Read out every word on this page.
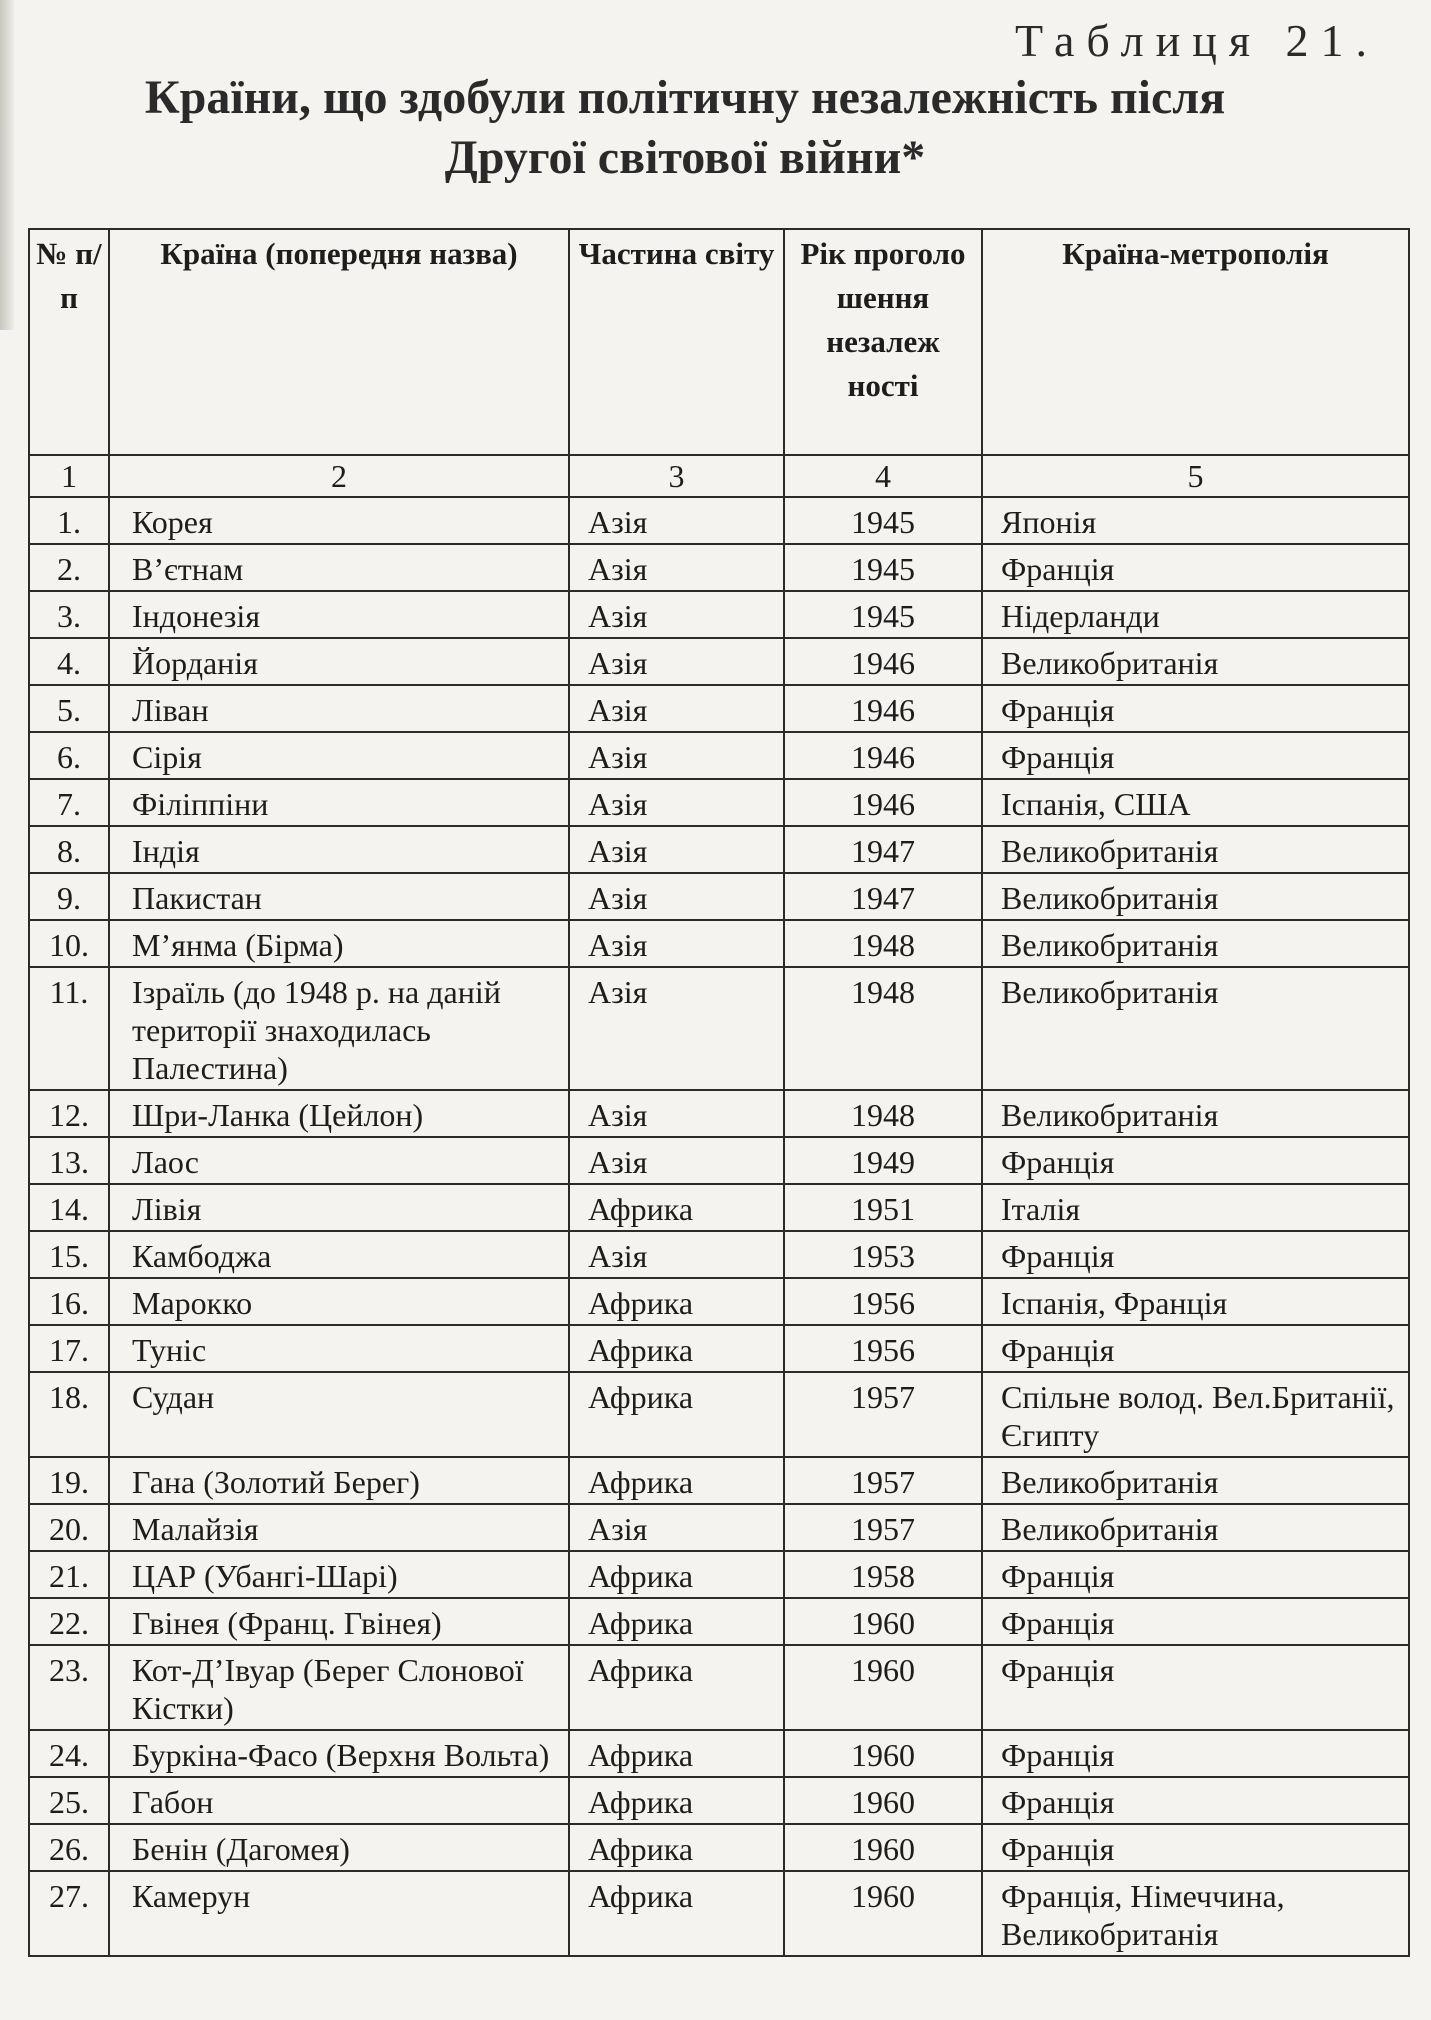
Таблиця 21.
Країни, що здобули політичну незалежність після
Другої світової війни*
№ п/п	Країна (попередня назва)	Частина світу	Рік проголо шення незалеж ності	Країна-метрополія
1	2	3	4	5
1.	Корея	Азія	1945	Японія
2.	В’єтнам	Азія	1945	Франція
3.	Індонезія	Азія	1945	Нідерланди
4.	Йорданія	Азія	1946	Великобританія
5.	Ліван	Азія	1946	Франція
6.	Сірія	Азія	1946	Франція
7.	Філіппіни	Азія	1946	Іспанія, США
8.	Індія	Азія	1947	Великобританія
9.	Пакистан	Азія	1947	Великобританія
10.	М’янма (Бірма)	Азія	1948	Великобританія
11.	Ізраїль (до 1948 р. на даній території знаходилась Палестина)	Азія	1948	Великобританія
12.	Шри-Ланка (Цейлон)	Азія	1948	Великобританія
13.	Лаос	Азія	1949	Франція
14.	Лівія	Африка	1951	Італія
15.	Камбоджа	Азія	1953	Франція
16.	Марокко	Африка	1956	Іспанія, Франція
17.	Туніс	Африка	1956	Франція
18.	Судан	Африка	1957	Спільне волод. Вел.Британії, Єгипту
19.	Гана (Золотий Берег)	Африка	1957	Великобританія
20.	Малайзія	Азія	1957	Великобританія
21.	ЦАР (Убангі-Шарі)	Африка	1958	Франція
22.	Гвінея (Франц. Гвінея)	Африка	1960	Франція
23.	Кот-Д’Івуар (Берег Слонової Кістки)	Африка	1960	Франція
24.	Буркіна-Фасо (Верхня Вольта)	Африка	1960	Франція
25.	Габон	Африка	1960	Франція
26.	Бенін (Дагомея)	Африка	1960	Франція
27.	Камерун	Африка	1960	Франція, Німеччина, Великобританія
